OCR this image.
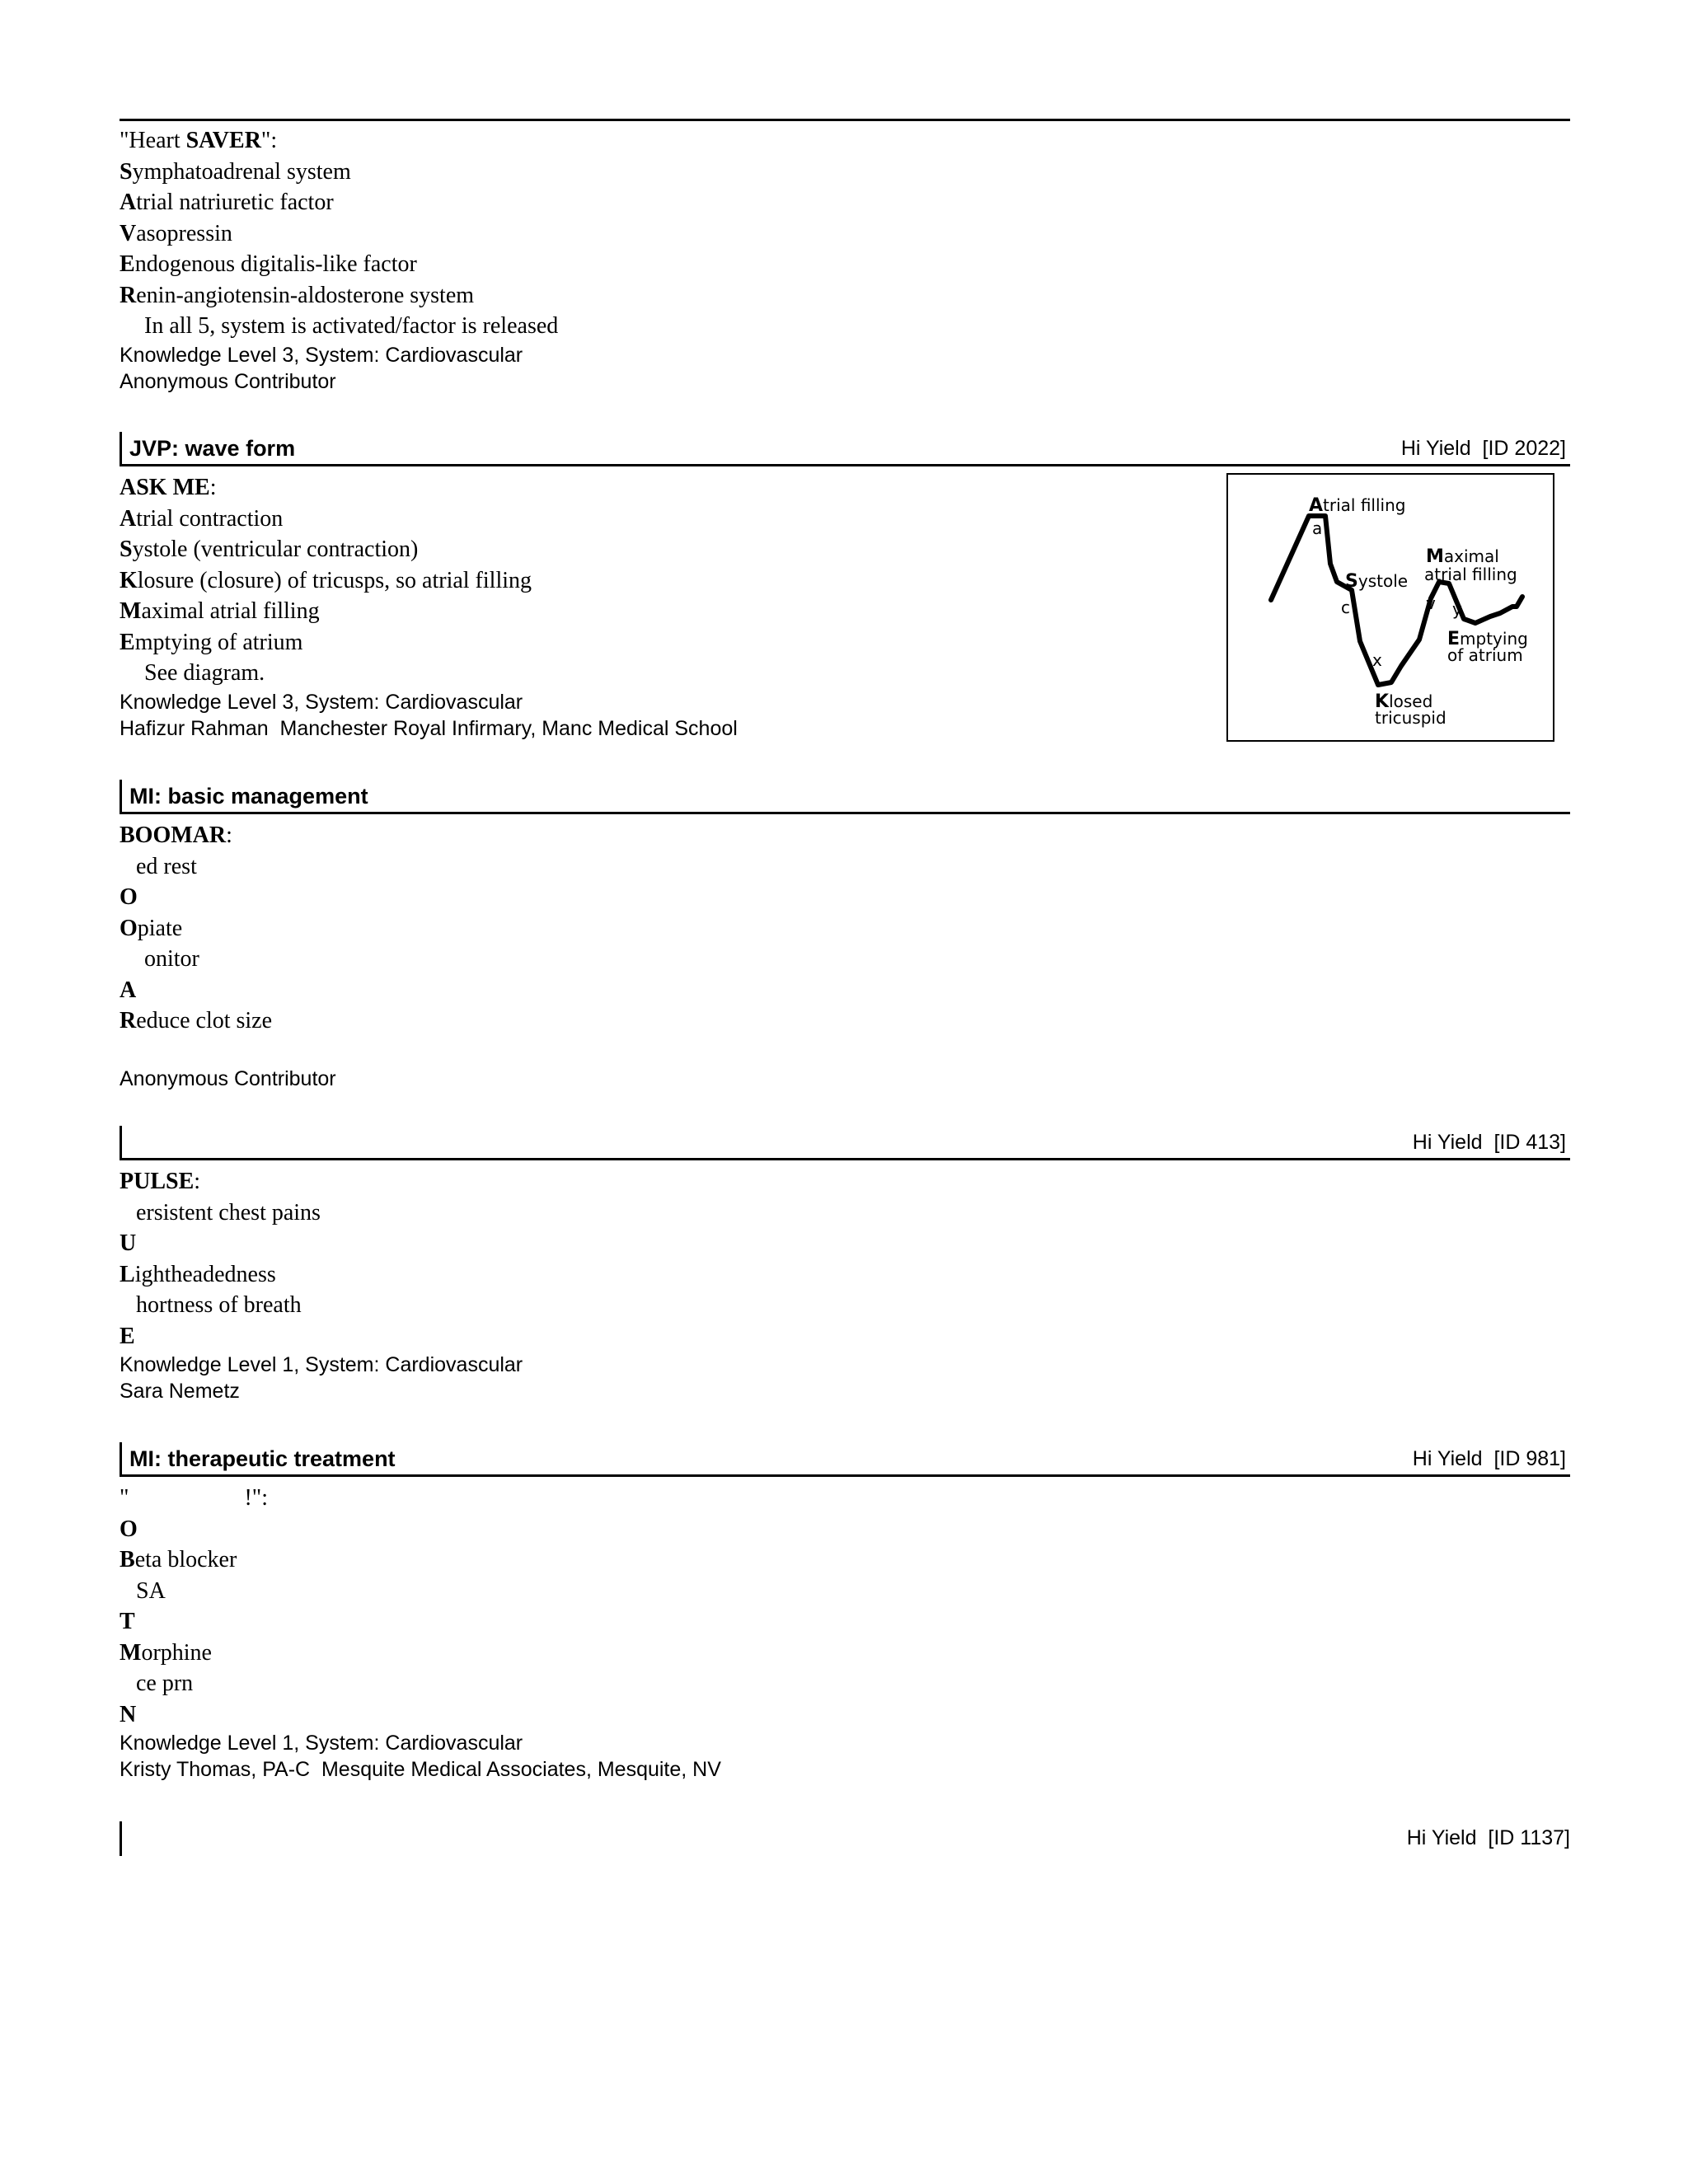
"Heart SAVER":
Symphatoadrenal system
Atrial natriuretic factor
Vasopressin
Endogenous digitalis-like factor
Renin-angiotensin-aldosterone system
In all 5, system is activated/factor is released
Knowledge Level 3, System: Cardiovascular
Anonymous Contributor
JVP: wave form	Hi Yield  [ID 2022]
ASK ME:
Atrial contraction
Systole (ventricular contraction)
Klosure (closure) of tricusps, so atrial filling
Maximal atrial filling
Emptying of atrium
See diagram.
Knowledge Level 3, System: Cardiovascular
Hafizur Rahman  Manchester Royal Infirmary, Manc Medical School
a
c
x
v y
Atrial filling
Maximal
atrial filling
Systole
Emptying
of atrium
Klosed
tricuspid
MI: basic management
BOOMAR:
ed rest
O
Opiate
onitor
A
Reduce clot size
Anonymous Contributor
Hi Yield  [ID 413]
PULSE:
ersistent chest pains
U
Lightheadedness
hortness of breath
E
Knowledge Level 1, System: Cardiovascular
Sara Nemetz
MI: therapeutic treatment	Hi Yield  [ID 981]
"                    !":
O
Beta blocker
SA
T
Morphine
ce prn
N
Knowledge Level 1, System: Cardiovascular
Kristy Thomas, PA-C  Mesquite Medical Associates, Mesquite, NV
Hi Yield  [ID 1137]
